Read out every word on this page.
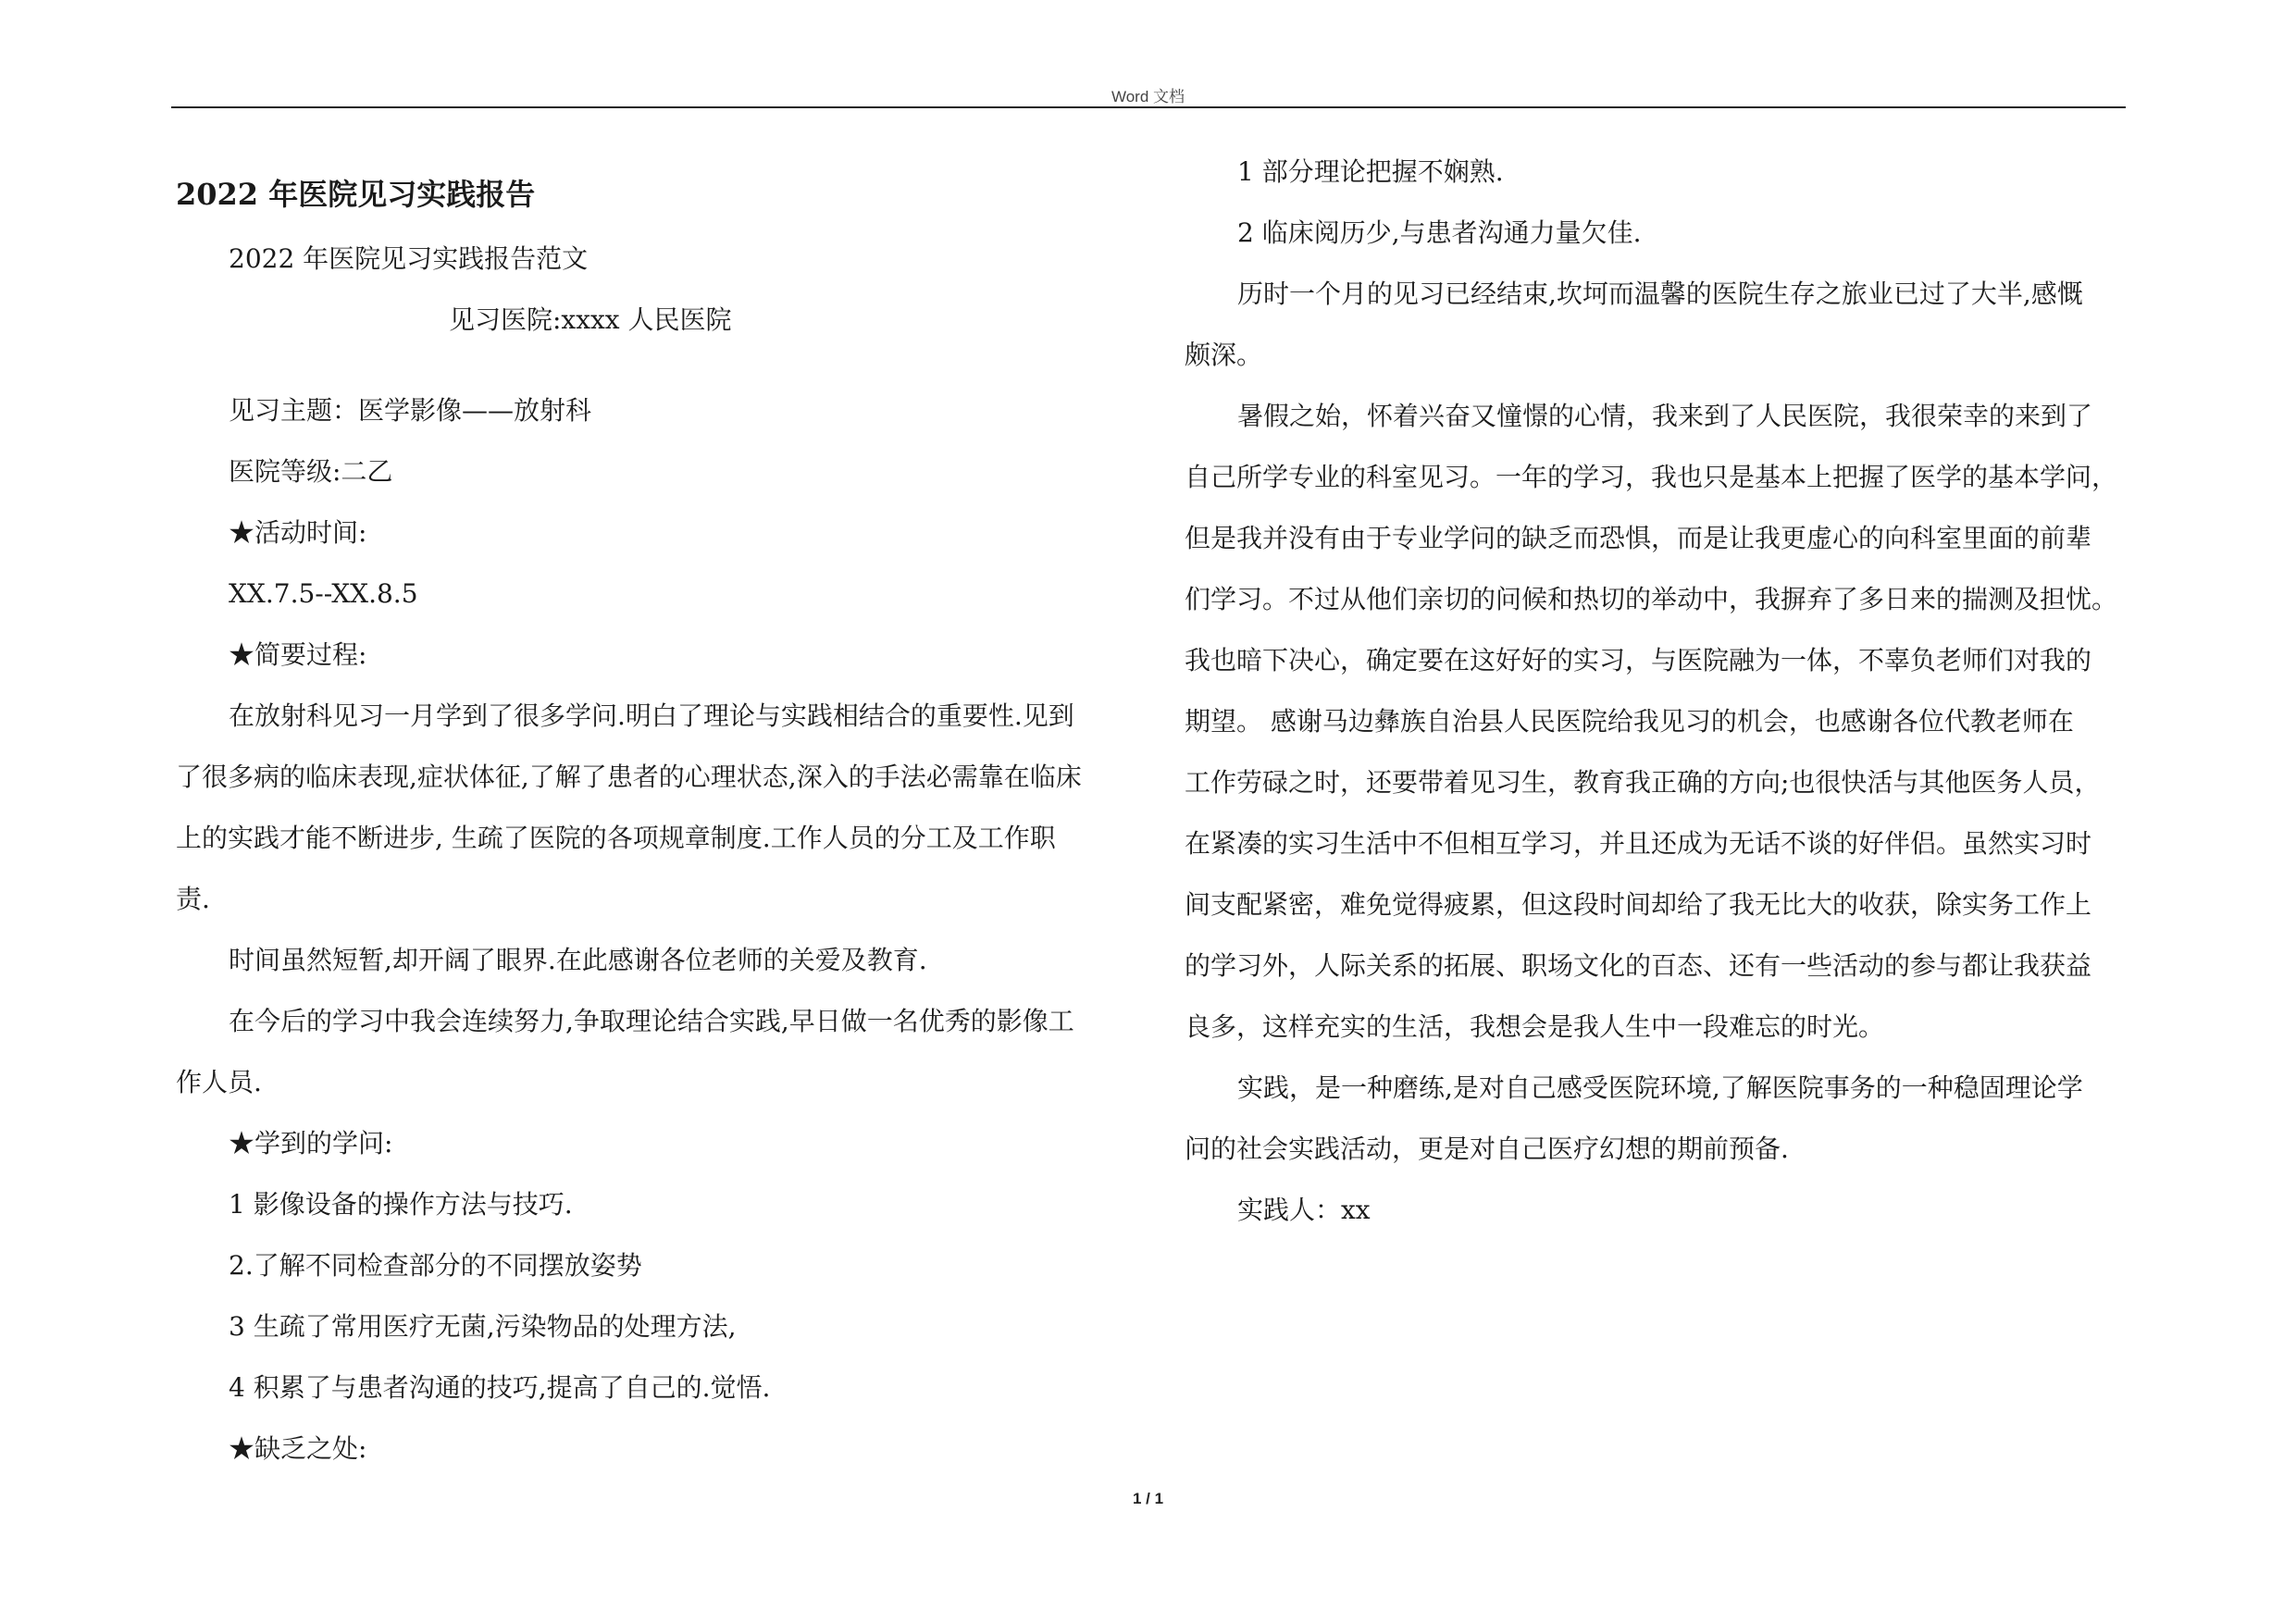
Word 文档
2022 年医院见习实践报告
2022 年医院见习实践报告范文
见习医院:xxxx 人民医院
见习主题：医学影像——放射科
医院等级:二乙
★活动时间:
XX.7.5--XX.8.5
★简要过程:
在放射科见习一月学到了很多学问.明白了理论与实践相结合的重要性.见到
了很多病的临床表现,症状体征,了解了患者的心理状态,深入的手法必需靠在临床
上的实践才能不断进步, 生疏了医院的各项规章制度.工作人员的分工及工作职
责.
时间虽然短暂,却开阔了眼界.在此感谢各位老师的关爱及教育.
在今后的学习中我会连续努力,争取理论结合实践,早日做一名优秀的影像工
作人员.
★学到的学问:
1 影像设备的操作方法与技巧.
2.了解不同检查部分的不同摆放姿势
3 生疏了常用医疗无菌,污染物品的处理方法,
4 积累了与患者沟通的技巧,提高了自己的.觉悟.
★缺乏之处:
1 部分理论把握不娴熟.
2 临床阅历少,与患者沟通力量欠佳.
历时一个月的见习已经结束,坎坷而温馨的医院生存之旅业已过了大半,感慨
颇深。
暑假之始，怀着兴奋又憧憬的心情，我来到了人民医院，我很荣幸的来到了
自己所学专业的科室见习。一年的学习，我也只是基本上把握了医学的基本学问，
但是我并没有由于专业学问的缺乏而恐惧，而是让我更虚心的向科室里面的前辈
们学习。不过从他们亲切的问候和热切的举动中，我摒弃了多日来的揣测及担忧。
我也暗下决心，确定要在这好好的实习，与医院融为一体，不辜负老师们对我的
期望。 感谢马边彝族自治县人民医院给我见习的机会，也感谢各位代教老师在
工作劳碌之时，还要带着见习生，教育我正确的方向;也很快活与其他医务人员，
在紧凑的实习生活中不但相互学习，并且还成为无话不谈的好伴侣。虽然实习时
间支配紧密，难免觉得疲累，但这段时间却给了我无比大的收获，除实务工作上
的学习外，人际关系的拓展、职场文化的百态、还有一些活动的参与都让我获益
良多，这样充实的生活，我想会是我人生中一段难忘的时光。
实践，是一种磨练,是对自己感受医院环境,了解医院事务的一种稳固理论学
问的社会实践活动，更是对自己医疗幻想的期前预备.
实践人：xx
1 / 1
